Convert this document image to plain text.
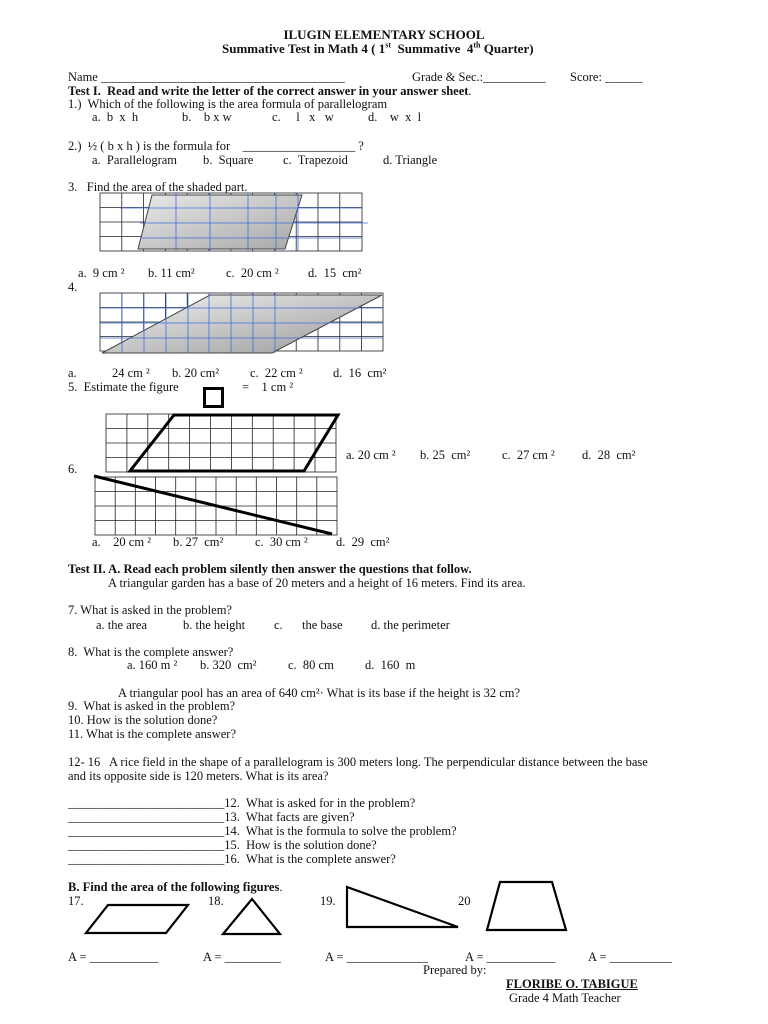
ILUGIN ELEMENTARY SCHOOL
Summative Test in Math 4 ( 1st  Summative  4th Quarter)
Name _______________________________________	Grade & Sec.:__________ Score: ______
Test I.  Read and write the letter of the correct answer in your answer sheet.
1.)  Which of the following is the area formula of parallelogram
a.  b  x  h	b.    b x w	c.     l   x   w	d.    w  x  l
2.)  ½ ( b x h ) is the formula for    __________________ ?
a.  Parallelogram b.  Square c.  Trapezoid	d. Triangle
3.   Find the area of the shaded part.
a.  9 cm ² b. 11 cm²	c.  20 cm ² d.  15  cm²
4.
a.	24 cm ² b. 20 cm² c.  22 cm ² d.  16  cm²
5.  Estimate the figure	=    1 cm ²
a. 20 cm ² b. 25  cm²	c.  27 cm ² d.  28  cm²
6.
a.    20 cm ² b. 27  cm²	c.  30 cm ² d.  29  cm²
Test II. A. Read each problem silently then answer the questions that follow.
A triangular garden has a base of 20 meters and a height of 16 meters. Find its area.
7. What is asked in the problem?
a. the area	b. the height c. the base d. the perimeter
8.  What is the complete answer?
a. 160 m ² b. 320  cm²	c.  80 cm d.  160  m
A triangular pool has an area of 640 cm²· What is its base if the height is 32 cm?
9.  What is asked in the problem?
10. How is the solution done?
11. What is the complete answer?
12- 16   A rice field in the shape of a parallelogram is 300 meters long. The perpendicular distance between the base
and its opposite side is 120 meters. What is its area?
_________________________12.  What is asked for in the problem?
_________________________13.  What facts are given?
_________________________14.  What is the formula to solve the problem?
_________________________15.  How is the solution done?
_________________________16.  What is the complete answer?
B. Find the area of the following figures.
17.	18.	19.	20
A = ___________	A = _________	A = _____________	A = ___________	A = __________
Prepared by:
FLORIBE O. TABIGUE
Grade 4 Math Teacher
